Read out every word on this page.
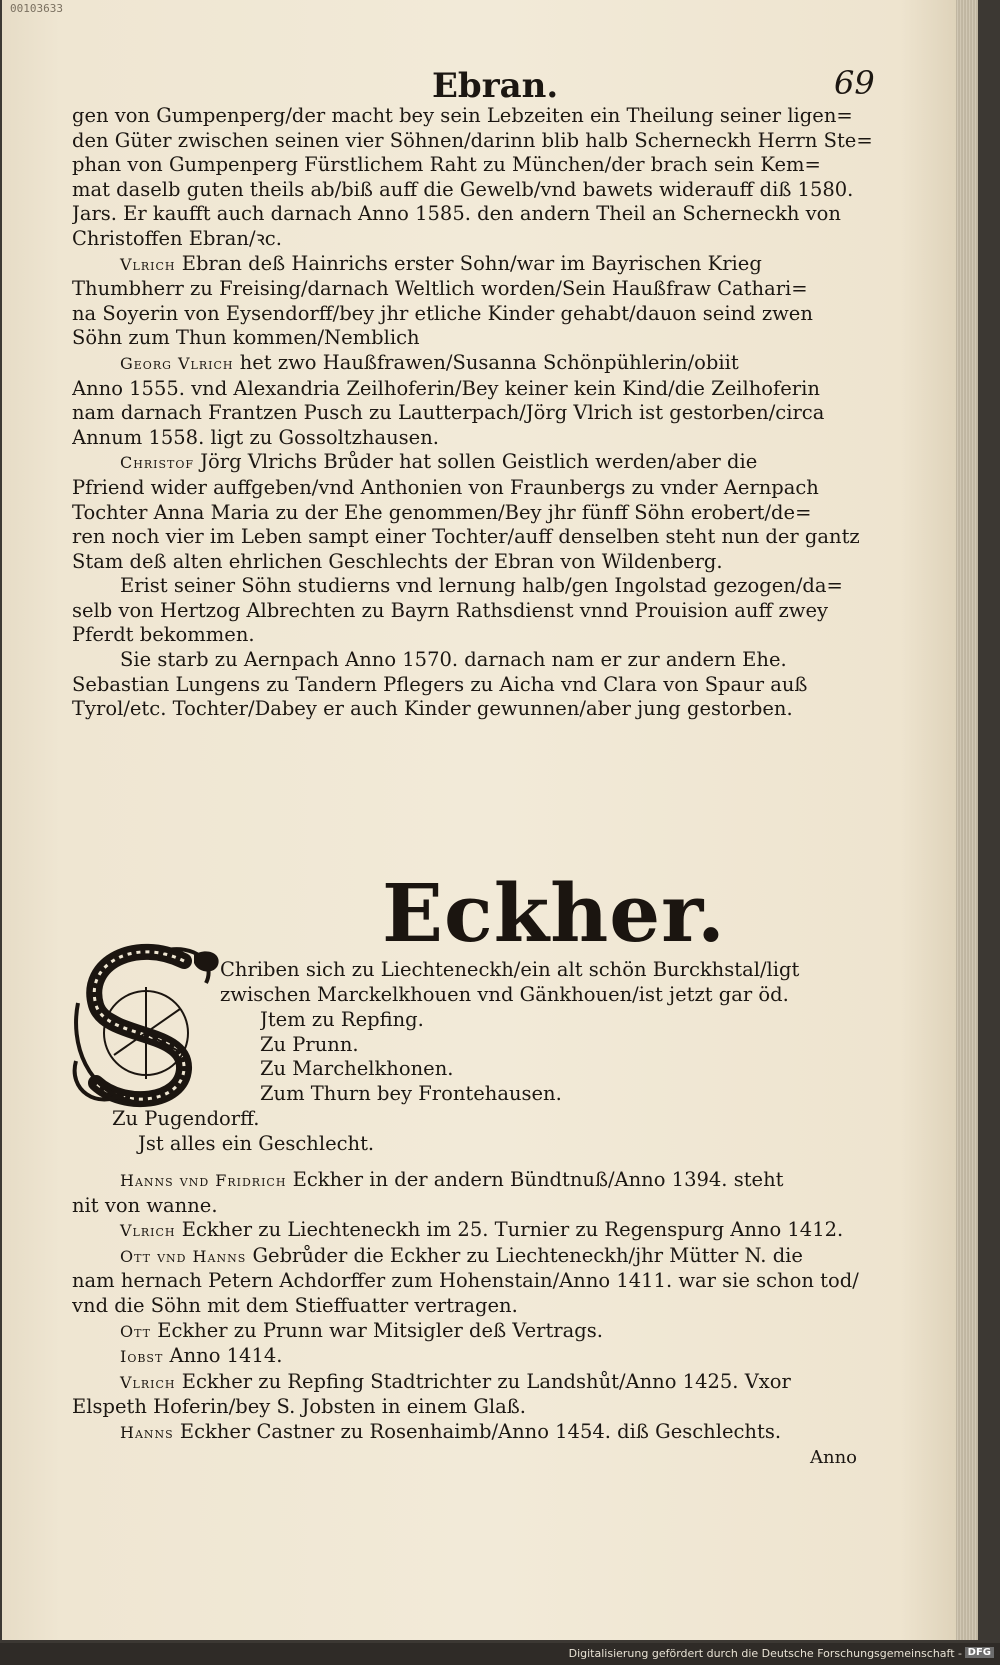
00103633
Ebran.	69

gen von Gumpenperg/der macht bey sein Lebzeiten ein Theilung seiner ligen=

den Güter zwischen seinen vier Söhnen/darinn blib halb Scherneckh Herrn Ste=

phan von Gumpenperg Fürstlichem Raht zu München/der brach sein Kem=

mat daselb guten theils ab/biß auff die Gewelb/vnd bawets widerauff diß 1580.

Jars. Er kaufft auch darnach Anno 1585. den andern Theil an Scherneckh von

Christoffen Ebran/ꝛc.

Vlrich Ebran deß Hainrichs erster Sohn/war im Bayrischen Krieg

Thumbherr zu Freising/darnach Weltlich worden/Sein Haußfraw Cathari=

na Soyerin von Eysendorff/bey jhr etliche Kinder gehabt/dauon seind zwen

Söhn zum Thun kommen/Nemblich

Georg Vlrich het zwo Haußfrawen/Susanna Schönpühlerin/obiit

Anno 1555. vnd Alexandria Zeilhoferin/Bey keiner kein Kind/die Zeilhoferin

nam darnach Frantzen Pusch zu Lautterpach/Jörg Vlrich ist gestorben/circa

Annum 1558. ligt zu Gossoltzhausen.

Christof Jörg Vlrichs Brůder hat sollen Geistlich werden/aber die

Pfriend wider auffgeben/vnd Anthonien von Fraunbergs zu vnder Aernpach

Tochter Anna Maria zu der Ehe genommen/Bey jhr fünff Söhn erobert/de=

ren noch vier im Leben sampt einer Tochter/auff denselben steht nun der gantz

Stam deß alten ehrlichen Geschlechts der Ebran von Wildenberg.

Erist seiner Söhn studierns vnd lernung halb/gen Ingolstad gezogen/da=

selb von Hertzog Albrechten zu Bayrn Rathsdienst vnnd Prouision auff zwey

Pferdt bekommen.

Sie starb zu Aernpach Anno 1570. darnach nam er zur andern Ehe.

Sebastian Lungens zu Tandern Pflegers zu Aicha vnd Clara von Spaur auß

Tyrol/etc. Tochter/Dabey er auch Kinder gewunnen/aber jung gestorben.

Eckher.
S

Chriben sich zu Liechteneckh/ein alt schön Burckhstal/ligt

zwischen Marckelkhouen vnd Gänkhouen/ist jetzt gar öd.

Jtem zu Repfing.

Zu Prunn.

Zu Marchelkhonen.

Zum Thurn bey Frontehausen.

Zu Pugendorff.

Jst alles ein Geschlecht.

Hanns vnd Fridrich Eckher in der andern Bündtnuß/Anno 1394. steht

nit von wanne.

Vlrich Eckher zu Liechteneckh im 25. Turnier zu Regenspurg Anno 1412.

Ott vnd Hanns Gebrůder die Eckher zu Liechteneckh/jhr Mütter N. die

nam hernach Petern Achdorffer zum Hohenstain/Anno 1411. war sie schon tod/

vnd die Söhn mit dem Stieffuatter vertragen.

Ott Eckher zu Prunn war Mitsigler deß Vertrags.

Iobst Anno 1414.

Vlrich Eckher zu Repfing Stadtrichter zu Landshůt/Anno 1425. Vxor

Elspeth Hoferin/bey S. Jobsten in einem Glaß.

Hanns Eckher Castner zu Rosenhaimb/Anno 1454. diß Geschlechts.

Anno
Digitalisierung gefördert durch die Deutsche Forschungsgemeinschaft - DFG
